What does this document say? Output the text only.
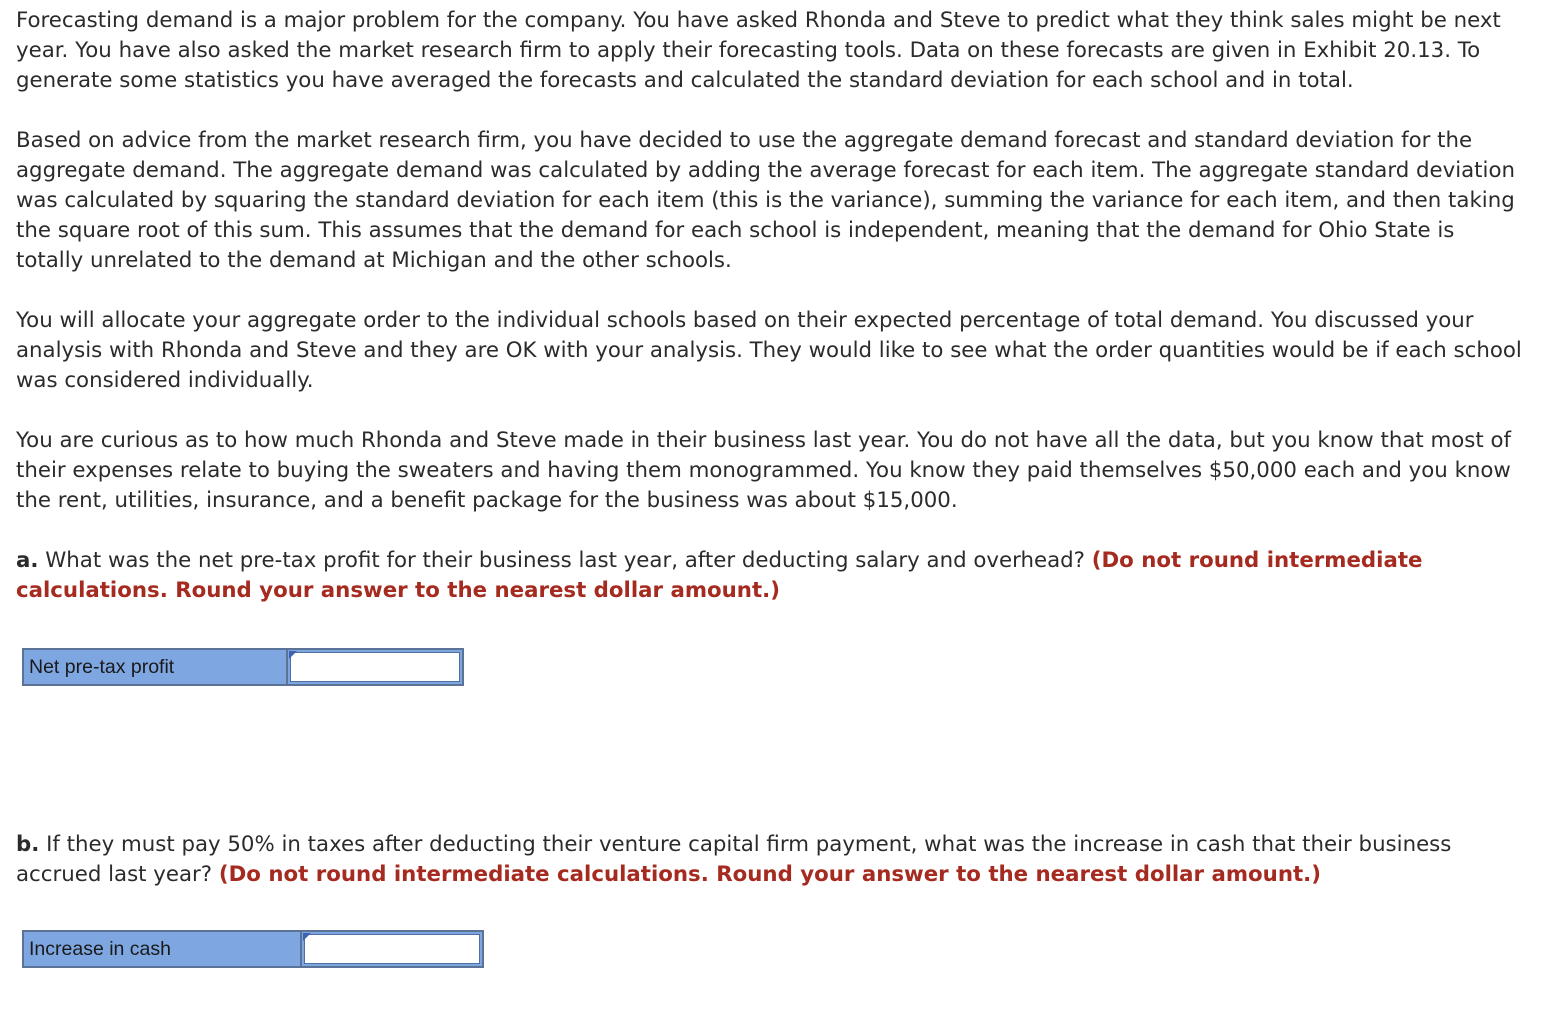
Forecasting demand is a major problem for the company. You have asked Rhonda and Steve to predict what they think sales might be next year. You have also asked the market research firm to apply their forecasting tools. Data on these forecasts are given in Exhibit 20.13. To generate some statistics you have averaged the forecasts and calculated the standard deviation for each school and in total.

Based on advice from the market research firm, you have decided to use the aggregate demand forecast and standard deviation for the aggregate demand. The aggregate demand was calculated by adding the average forecast for each item. The aggregate standard deviation was calculated by squaring the standard deviation for each item (this is the variance), summing the variance for each item, and then taking the square root of this sum. This assumes that the demand for each school is independent, meaning that the demand for Ohio State is totally unrelated to the demand at Michigan and the other schools.

You will allocate your aggregate order to the individual schools based on their expected percentage of total demand. You discussed your analysis with Rhonda and Steve and they are OK with your analysis. They would like to see what the order quantities would be if each school was considered individually.

You are curious as to how much Rhonda and Steve made in their business last year. You do not have all the data, but you know that most of their expenses relate to buying the sweaters and having them monogrammed. You know they paid themselves $50,000 each and you know the rent, utilities, insurance, and a benefit package for the business was about $15,000.

a. What was the net pre-tax profit for their business last year, after deducting salary and overhead? (Do not round intermediate calculations. Round your answer to the nearest dollar amount.)

Net pre-tax profit

b. If they must pay 50% in taxes after deducting their venture capital firm payment, what was the increase in cash that their business accrued last year? (Do not round intermediate calculations. Round your answer to the nearest dollar amount.)

Increase in cash
